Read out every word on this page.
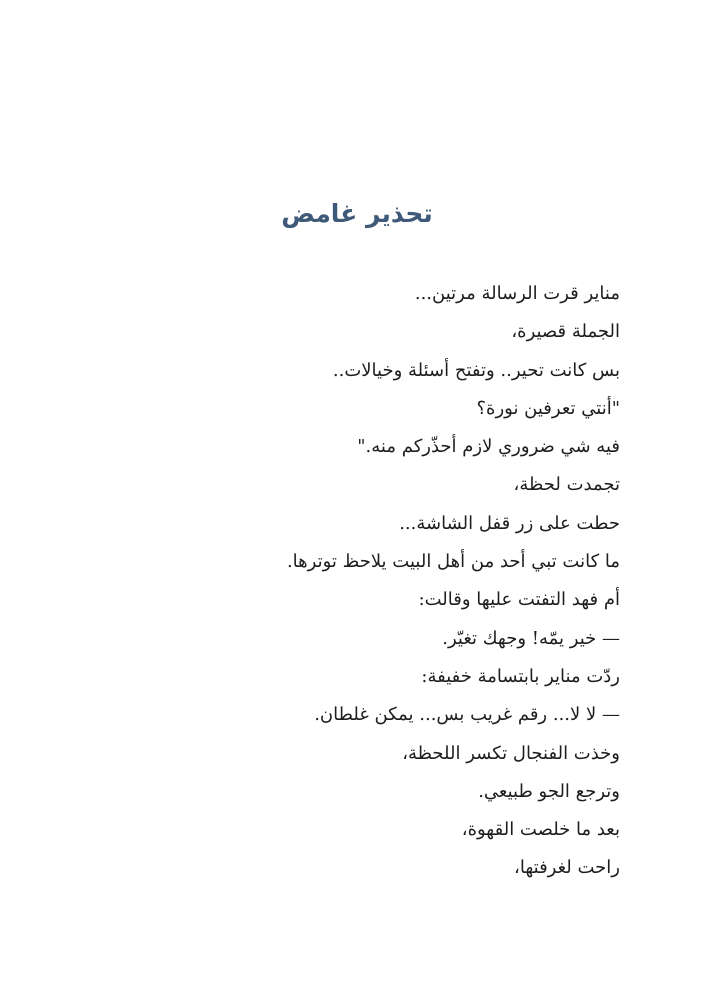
تحذير غامض
مناير قرت الرسالة مرتين...
الجملة قصيرة،
بس كانت تحير.. وتفتح أسئلة وخيالات..
"أنتي تعرفين نورة؟
فيه شي ضروري لازم أحذّركم منه."
تجمدت لحظة،
حطت على زر قفل الشاشة...
ما كانت تبي أحد من أهل البيت يلاحظ توترها.
أم فهد التفتت عليها وقالت:
— خير يمّه! وجهك تغيّر.
ردّت مناير بابتسامة خفيفة:
— لا لا... رقم غريب بس... يمكن غلطان.
وخذت الفنجال تكسر اللحظة،
وترجع الجو طبيعي.
بعد ما خلصت القهوة،
راحت لغرفتها،
